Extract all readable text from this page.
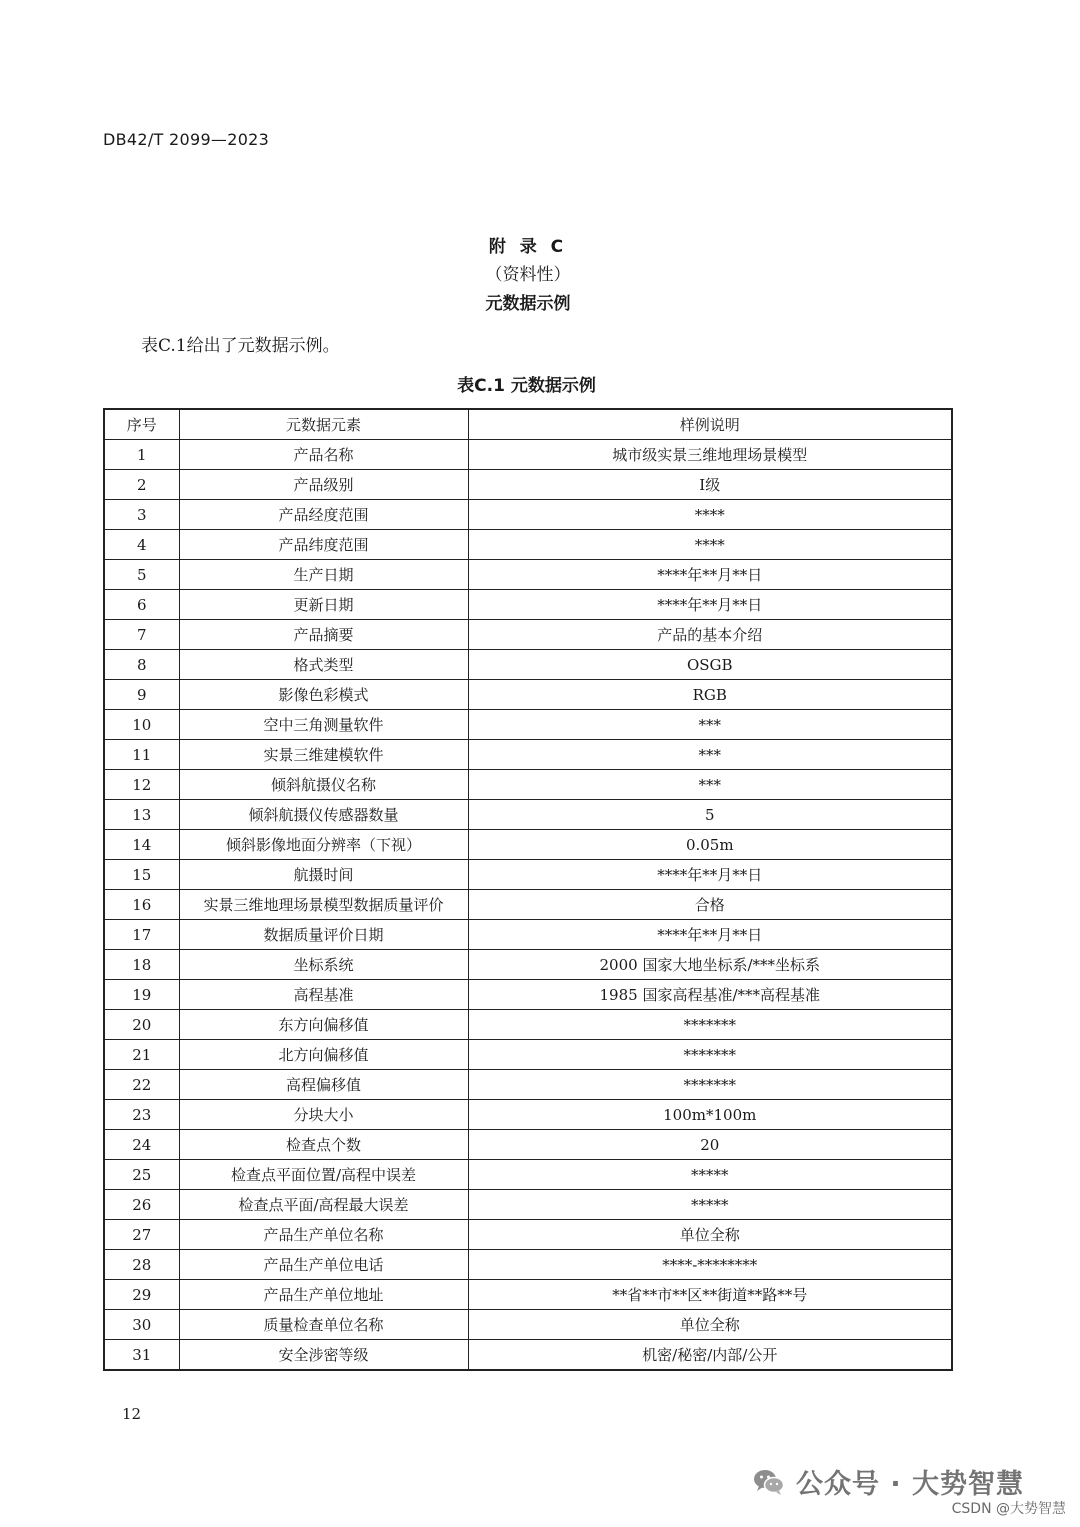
DB42/T 2099—2023
附 录 C
（资料性）
元数据示例
表C.1给出了元数据示例。
表C.1 元数据示例
序号	元数据元素	样例说明
1	产品名称	城市级实景三维地理场景模型
2	产品级别	Ⅰ级
3	产品经度范围	****
4	产品纬度范围	****
5	生产日期	****年**月**日
6	更新日期	****年**月**日
7	产品摘要	产品的基本介绍
8	格式类型	OSGB
9	影像色彩模式	RGB
10	空中三角测量软件	***
11	实景三维建模软件	***
12	倾斜航摄仪名称	***
13	倾斜航摄仪传感器数量	5
14	倾斜影像地面分辨率（下视）	0.05m
15	航摄时间	****年**月**日
16	实景三维地理场景模型数据质量评价	合格
17	数据质量评价日期	****年**月**日
18	坐标系统	2000 国家大地坐标系/***坐标系
19	高程基准	1985 国家高程基准/***高程基准
20	东方向偏移值	*******
21	北方向偏移值	*******
22	高程偏移值	*******
23	分块大小	100m*100m
24	检查点个数	20
25	检查点平面位置/高程中误差	*****
26	检查点平面/高程最大误差	*****
27	产品生产单位名称	单位全称
28	产品生产单位电话	****-********
29	产品生产单位地址	**省**市**区**街道**路**号
30	质量检查单位名称	单位全称
31	安全涉密等级	机密/秘密/内部/公开
12
公众号 · 大势智慧
CSDN @大势智慧
